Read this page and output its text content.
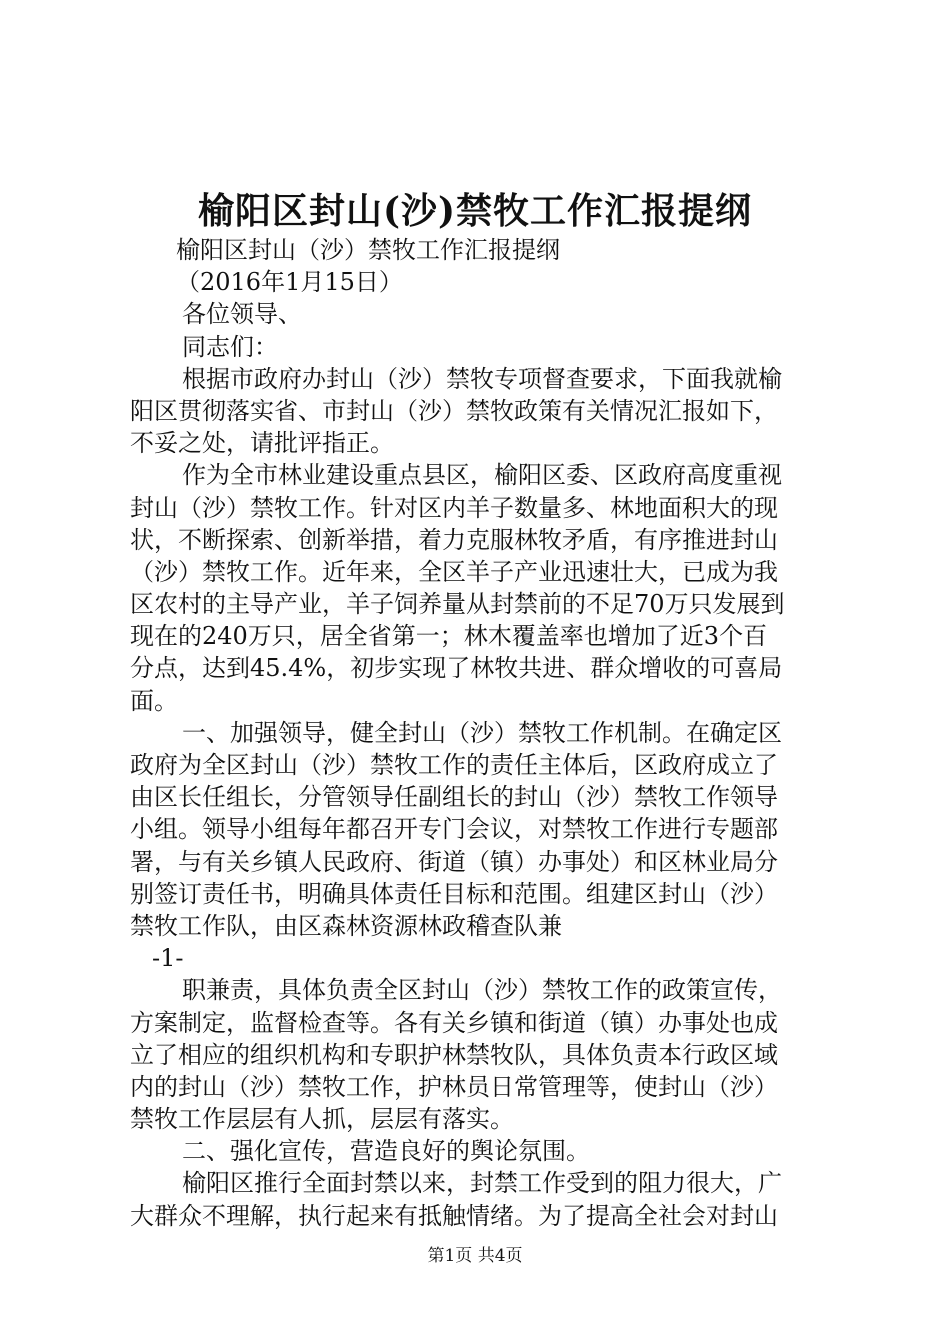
榆阳区封山(沙)禁牧工作汇报提纲
榆阳区封山（沙）禁牧工作汇报提纲
（2016年1月15日）
各位领导、
同志们：
根据市政府办封山（沙）禁牧专项督查要求，下面我就榆
阳区贯彻落实省、市封山（沙）禁牧政策有关情况汇报如下，
不妥之处，请批评指正。
作为全市林业建设重点县区，榆阳区委、区政府高度重视
封山（沙）禁牧工作。针对区内羊子数量多、林地面积大的现
状，不断探索、创新举措，着力克服林牧矛盾，有序推进封山
（沙）禁牧工作。近年来，全区羊子产业迅速壮大，已成为我
区农村的主导产业，羊子饲养量从封禁前的不足70万只发展到
现在的240万只，居全省第一；林木覆盖率也增加了近3个百
分点，达到45.4%，初步实现了林牧共进、群众增收的可喜局
面。
一、加强领导，健全封山（沙）禁牧工作机制。在确定区
政府为全区封山（沙）禁牧工作的责任主体后，区政府成立了
由区长任组长，分管领导任副组长的封山（沙）禁牧工作领导
小组。领导小组每年都召开专门会议，对禁牧工作进行专题部
署，与有关乡镇人民政府、街道（镇）办事处）和区林业局分
别签订责任书，明确具体责任目标和范围。组建区封山（沙）
禁牧工作队，由区森林资源林政稽查队兼
-1-
职兼责，具体负责全区封山（沙）禁牧工作的政策宣传，
方案制定，监督检查等。各有关乡镇和街道（镇）办事处也成
立了相应的组织机构和专职护林禁牧队，具体负责本行政区域
内的封山（沙）禁牧工作，护林员日常管理等，使封山（沙）
禁牧工作层层有人抓，层层有落实。
二、强化宣传，营造良好的舆论氛围。
榆阳区推行全面封禁以来，封禁工作受到的阻力很大，广
大群众不理解，执行起来有抵触情绪。为了提高全社会对封山
第1页 共4页
